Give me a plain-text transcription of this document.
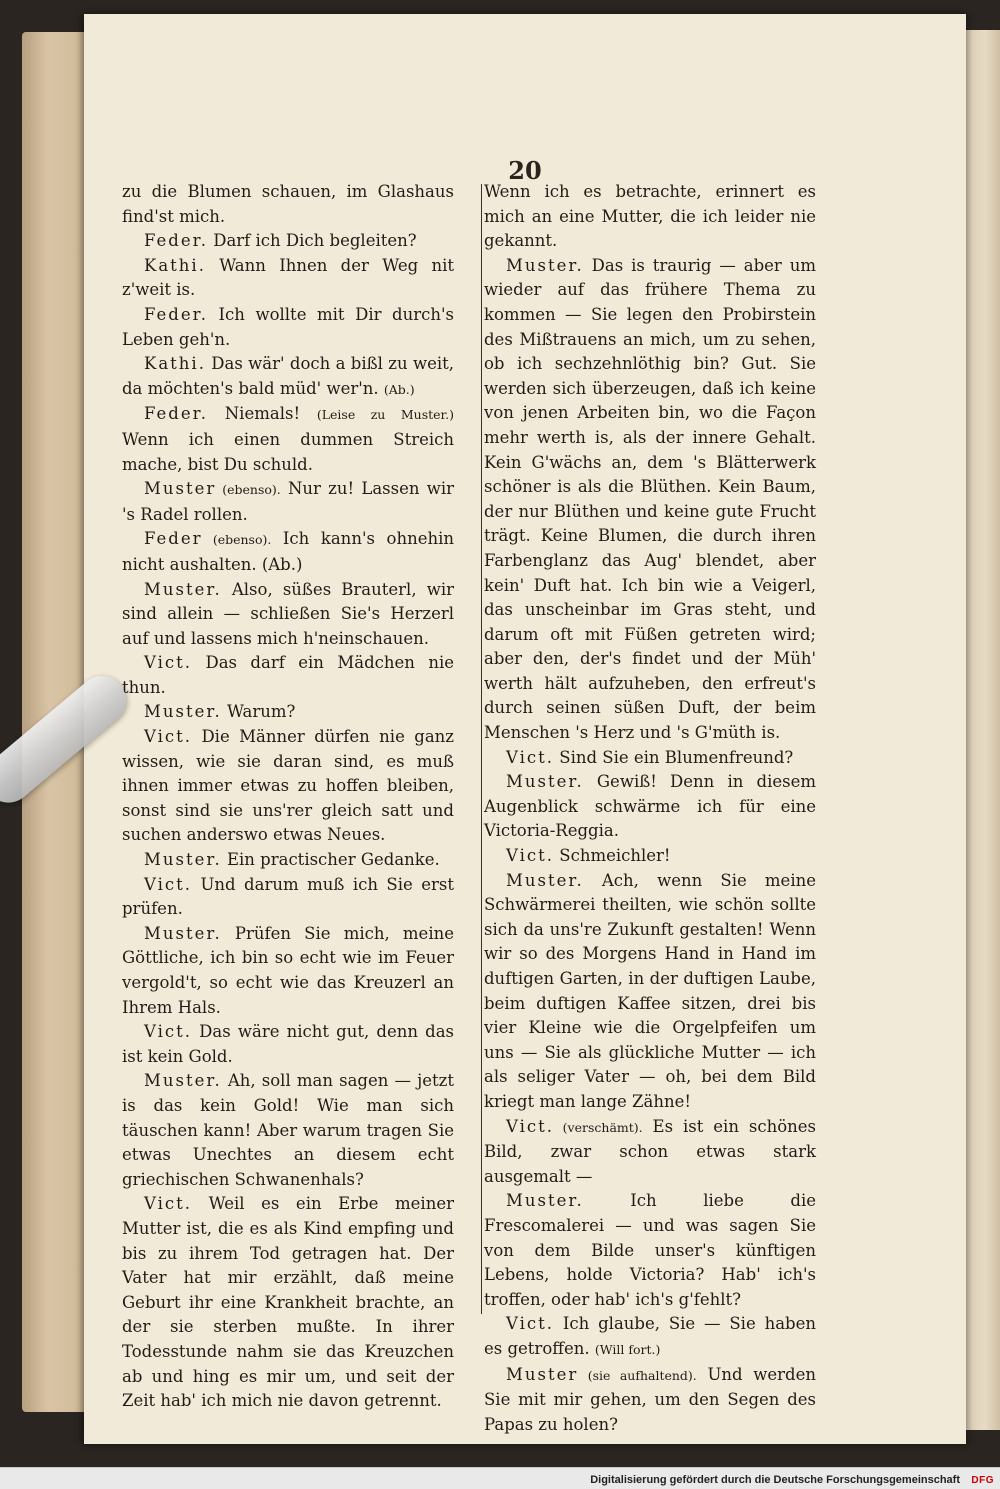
20

zu die Blumen schauen, im Glashaus find'st mich.

Feder. Darf ich Dich begleiten?

Kathi. Wann Ihnen der Weg nit z'weit is.

Feder. Ich wollte mit Dir durch's Leben geh'n.

Kathi. Das wär' doch a bißl zu weit, da möchten's bald müd' wer'n. (Ab.)

Feder. Niemals! (Leise zu Muster.) Wenn ich einen dummen Streich mache, bist Du schuld.

Muster (ebenso). Nur zu! Lassen wir 's Radel rollen.

Feder (ebenso). Ich kann's ohnehin nicht aushalten. (Ab.)

Muster. Also, süßes Brauterl, wir sind allein — schließen Sie's Herzerl auf und lassens mich h'neinschauen.

Vict. Das darf ein Mädchen nie thun.

Muster. Warum?

Vict. Die Männer dürfen nie ganz wissen, wie sie daran sind, es muß ihnen immer etwas zu hoffen bleiben, sonst sind sie uns'rer gleich satt und suchen anderswo etwas Neues.

Muster. Ein practischer Gedanke.

Vict. Und darum muß ich Sie erst prüfen.

Muster. Prüfen Sie mich, meine Göttliche, ich bin so echt wie im Feuer vergold't, so echt wie das Kreuzerl an Ihrem Hals.

Vict. Das wäre nicht gut, denn das ist kein Gold.

Muster. Ah, soll man sagen — jetzt is das kein Gold! Wie man sich täuschen kann! Aber warum tragen Sie etwas Unechtes an diesem echt griechischen Schwanenhals?

Vict. Weil es ein Erbe meiner Mutter ist, die es als Kind empfing und bis zu ihrem Tod getragen hat. Der Vater hat mir erzählt, daß meine Geburt ihr eine Krankheit brachte, an der sie sterben mußte. In ihrer Todesstunde nahm sie das Kreuzchen ab und hing es mir um, und seit der Zeit hab' ich mich nie davon getrennt.

Wenn ich es betrachte, erinnert es mich an eine Mutter, die ich leider nie gekannt.

Muster. Das is traurig — aber um wieder auf das frühere Thema zu kommen — Sie legen den Probirstein des Mißtrauens an mich, um zu sehen, ob ich sechzehnlöthig bin? Gut. Sie werden sich überzeugen, daß ich keine von jenen Arbeiten bin, wo die Façon mehr werth is, als der innere Gehalt. Kein G'wächs an, dem 's Blätterwerk schöner is als die Blüthen. Kein Baum, der nur Blüthen und keine gute Frucht trägt. Keine Blumen, die durch ihren Farbenglanz das Aug' blendet, aber kein' Duft hat. Ich bin wie a Veigerl, das unscheinbar im Gras steht, und darum oft mit Füßen getreten wird; aber den, der's findet und der Müh' werth hält aufzuheben, den erfreut's durch seinen süßen Duft, der beim Menschen 's Herz und 's G'müth is.

Vict. Sind Sie ein Blumenfreund?

Muster. Gewiß! Denn in diesem Augenblick schwärme ich für eine Victoria-Reggia.

Vict. Schmeichler!

Muster. Ach, wenn Sie meine Schwärmerei theilten, wie schön sollte sich da uns're Zukunft gestalten! Wenn wir so des Morgens Hand in Hand im duftigen Garten, in der duftigen Laube, beim duftigen Kaffee sitzen, drei bis vier Kleine wie die Orgelpfeifen um uns — Sie als glückliche Mutter — ich als seliger Vater — oh, bei dem Bild kriegt man lange Zähne!

Vict. (verschämt). Es ist ein schönes Bild, zwar schon etwas stark ausgemalt —

Muster. Ich liebe die Frescomalerei — und was sagen Sie von dem Bilde unser's künftigen Lebens, holde Victoria? Hab' ich's troffen, oder hab' ich's g'fehlt?

Vict. Ich glaube, Sie — Sie haben es getroffen. (Will fort.)

Muster (sie aufhaltend). Und werden Sie mit mir gehen, um den Segen des Papas zu holen?

Digitalisierung gefördert durch die Deutsche Forschungsgemeinschaft DFG
